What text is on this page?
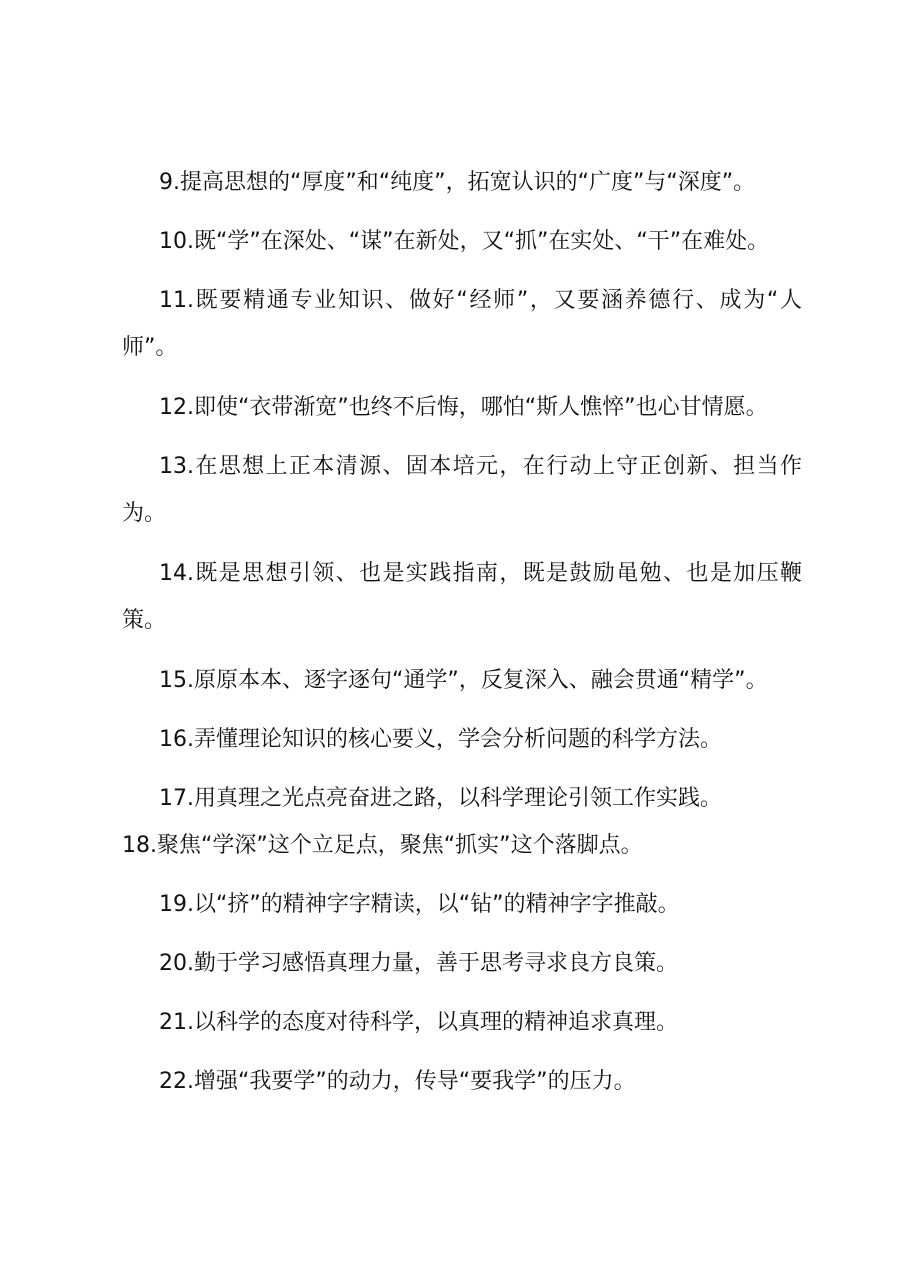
9.提高思想的“厚度”和“纯度”，拓宽认识的“广度”与“深度”。

10.既“学”在深处、“谋”在新处，又“抓”在实处、“干”在难处。

11.既要精通专业知识、做好“经师”，又要涵养德行、成为“人师”。

12.即使“衣带渐宽”也终不后悔，哪怕“斯人憔悴”也心甘情愿。

13.在思想上正本清源、固本培元，在行动上守正创新、担当作为。

14.既是思想引领、也是实践指南，既是鼓励黾勉、也是加压鞭策。

15.原原本本、逐字逐句“通学”，反复深入、融会贯通“精学”。

16.弄懂理论知识的核心要义，学会分析问题的科学方法。

17.用真理之光点亮奋进之路，以科学理论引领工作实践。

18.聚焦“学深”这个立足点，聚焦“抓实”这个落脚点。

19.以“挤”的精神字字精读，以“钻”的精神字字推敲。

20.勤于学习感悟真理力量，善于思考寻求良方良策。

21.以科学的态度对待科学，以真理的精神追求真理。

22.增强“我要学”的动力，传导“要我学”的压力。
